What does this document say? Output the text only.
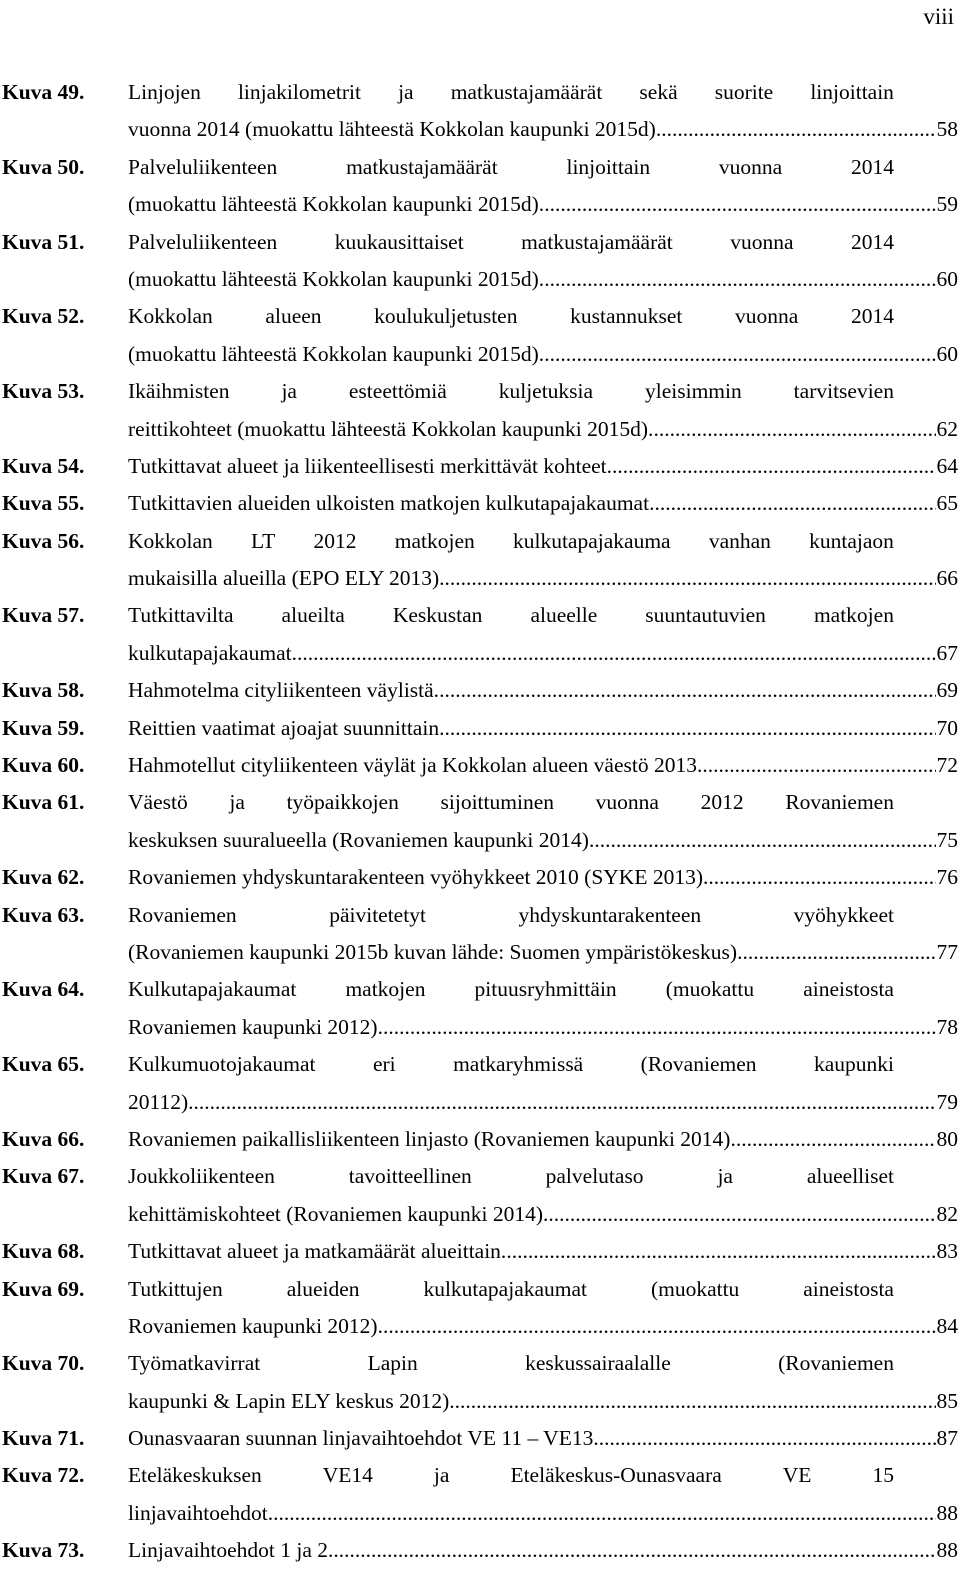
viii
Kuva 49. Linjojen linjakilometrit ja matkustajamäärät sekä suorite linjoittain
vuonna 2014 (muokattu lähteestä Kokkolan kaupunki 2015d). .....	58
Kuva 50. Palveluliikenteen	matkustajamäärät	linjoittain	vuonna	2014
(muokattu lähteestä Kokkolan kaupunki 2015d). .....	59
Kuva 51. Palveluliikenteen	kuukausittaiset	matkustajamäärät	vuonna	2014
(muokattu lähteestä Kokkolan kaupunki 2015d). .....	60
Kuva 52. Kokkolan alueen koulukuljetusten kustannukset vuonna 2014
(muokattu lähteestä Kokkolan kaupunki 2015d). .....	60
Kuva 53. Ikäihmisten ja esteettömiä kuljetuksia yleisimmin tarvitsevien
reittikohteet (muokattu lähteestä Kokkolan kaupunki 2015d). .....	62
Kuva 54. Tutkittavat alueet ja liikenteellisesti merkittävät kohteet. .....	64
Kuva 55. Tutkittavien alueiden ulkoisten matkojen kulkutapajakaumat. .....	65
Kuva 56. Kokkolan LT 2012 matkojen kulkutapajakauma vanhan kuntajaon
mukaisilla alueilla (EPO ELY 2013). .....	66
Kuva 57. Tutkittavilta alueilta Keskustan alueelle suuntautuvien matkojen
kulkutapajakaumat. .....	67
Kuva 58. Hahmotelma cityliikenteen väylistä. .....	69
Kuva 59. Reittien vaatimat ajoajat suunnittain. .....	70
Kuva 60. Hahmotellut cityliikenteen väylät ja Kokkolan alueen väestö 2013. .....	72
Kuva 61. Väestö ja työpaikkojen sijoittuminen vuonna 2012 Rovaniemen
keskuksen suuralueella (Rovaniemen kaupunki 2014). .....	75
Kuva 62. Rovaniemen yhdyskuntarakenteen vyöhykkeet 2010 (SYKE 2013). .....	76
Kuva 63. Rovaniemen	päivitetetyt	yhdyskuntarakenteen	vyöhykkeet
(Rovaniemen kaupunki 2015b kuvan lähde: Suomen ympäristökeskus). .....	77
Kuva 64. Kulkutapajakaumat matkojen pituusryhmittäin (muokattu aineistosta
Rovaniemen kaupunki 2012). .....	78
Kuva 65. Kulkumuotojakaumat	eri	matkaryhmissä	(Rovaniemen	kaupunki
20112). .....	79
Kuva 66. Rovaniemen paikallisliikenteen linjasto (Rovaniemen kaupunki 2014). .....	80
Kuva 67. Joukkoliikenteen	tavoitteellinen	palvelutaso	ja	alueelliset
kehittämiskohteet (Rovaniemen kaupunki 2014). .....	82
Kuva 68. Tutkittavat alueet ja matkamäärät alueittain. .....	83
Kuva 69. Tutkittujen	alueiden	kulkutapajakaumat	(muokattu	aineistosta
Rovaniemen kaupunki 2012). .....	84
Kuva 70. Työmatkavirrat	Lapin	keskussairaalalle	(Rovaniemen
kaupunki & Lapin ELY keskus 2012). .....	85
Kuva 71. Ounasvaaran suunnan linjavaihtoehdot VE 11 – VE13. .....	87
Kuva 72. Eteläkeskuksen	VE14	ja	Eteläkeskus-Ounasvaara	VE	15
linjavaihtoehdot. .....	88
Kuva 73. Linjavaihtoehdot 1 ja 2. .....	88
